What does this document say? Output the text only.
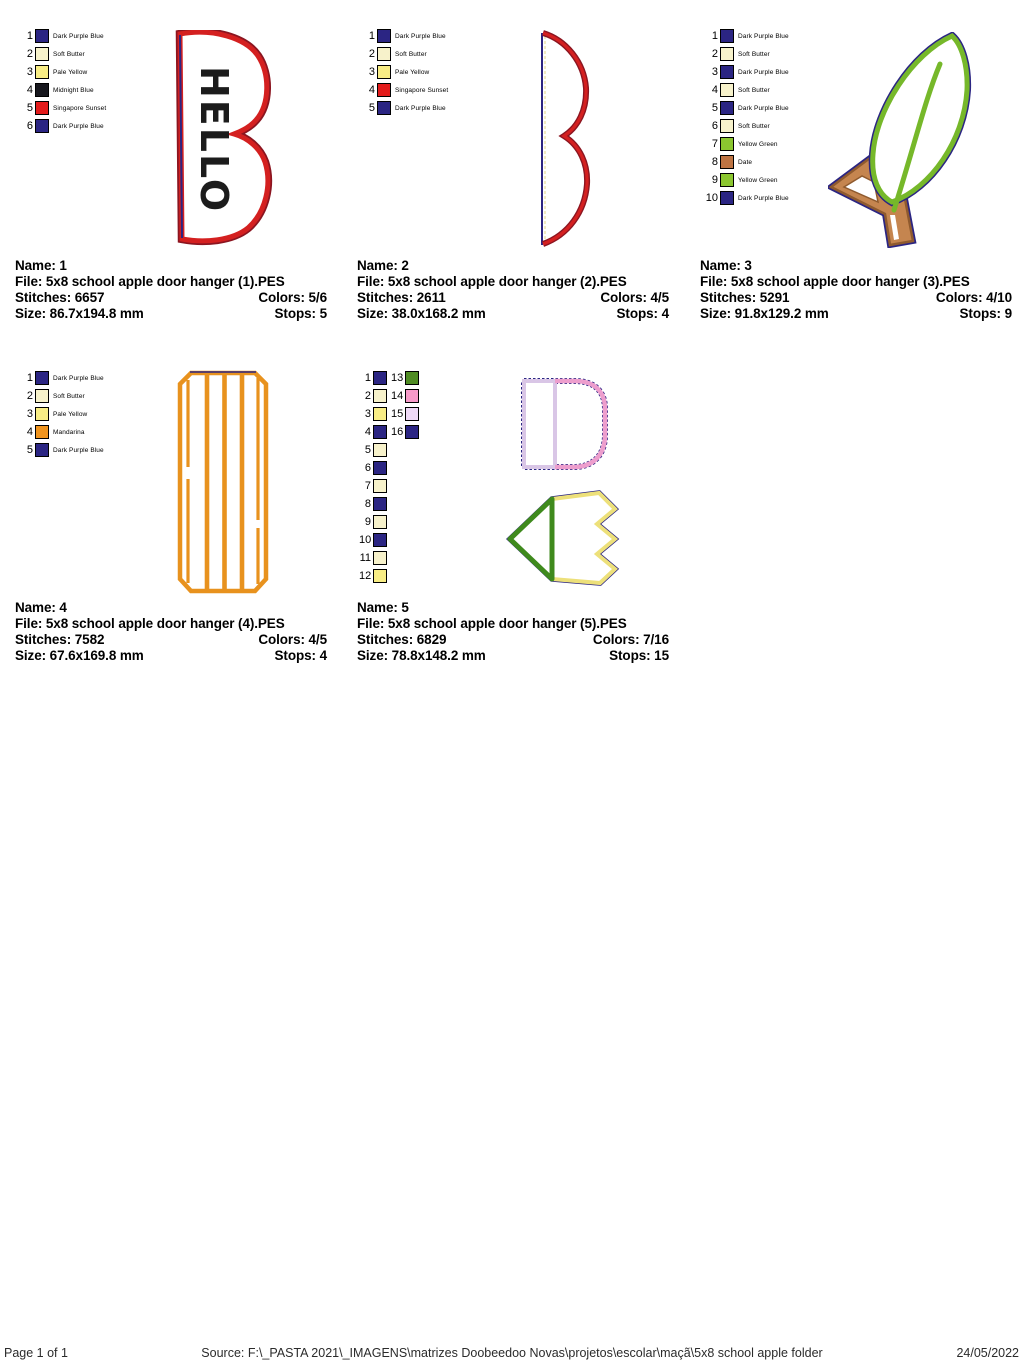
1	Dark Purple Blue
2	Soft Butter
3	Pale Yellow
4	Midnight Blue
5	Singapore Sunset
6	Dark Purple Blue HELLO
Name: 1
File: 5x8 school apple door hanger (1).PES
Stitches: 6657	Colors: 5/6
Size: 86.7x194.8 mm	Stops: 5
1	Dark Purple Blue
2	Soft Butter
3	Pale Yellow
4	Singapore Sunset
5	Dark Purple Blue
Name: 2
File: 5x8 school apple door hanger (2).PES
Stitches: 2611	Colors: 4/5
Size: 38.0x168.2 mm	Stops: 4
1	Dark Purple Blue
2	Soft Butter
3	Dark Purple Blue
4	Soft Butter
5	Dark Purple Blue
6	Soft Butter
7	Yellow Green
8	Date
9	Yellow Green
10	Dark Purple Blue
Name: 3
File: 5x8 school apple door hanger (3).PES
Stitches: 5291	Colors: 4/10
Size: 91.8x129.2 mm	Stops: 9
1	Dark Purple Blue
2	Soft Butter
3	Pale Yellow
4	Mandarina
5	Dark Purple Blue
Name: 4
File: 5x8 school apple door hanger (4).PES
Stitches: 7582	Colors: 4/5
Size: 67.6x169.8 mm	Stops: 4
1
2
3
4
5
6
7
8
9
10
11
12
13
14
15
16
Name: 5
File: 5x8 school apple door hanger (5).PES
Stitches: 6829	Colors: 7/16
Size: 78.8x148.2 mm	Stops: 15
Page 1 of 1	Source: F:\_PASTA 2021\_IMAGENS\matrizes Doobeedoo Novas\projetos\escolar\maçã\5x8 school apple folder	24/05/2022
